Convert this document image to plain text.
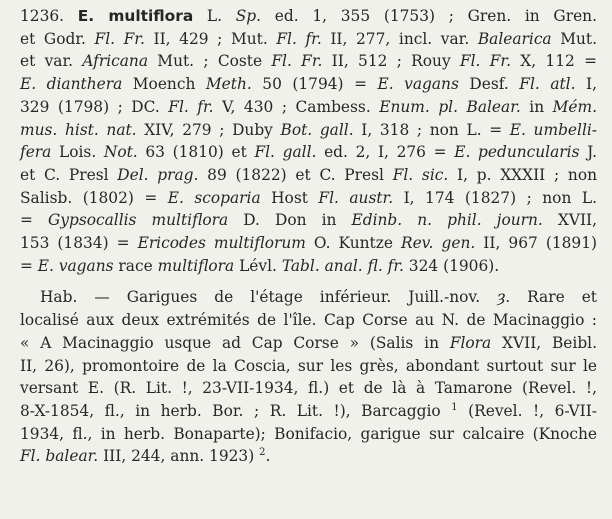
1236. E. multiflora L. Sp. ed. 1, 355 (1753) ; Gren. in Gren.
et Godr. Fl. Fr. II, 429 ; Mut. Fl. fr. II, 277, incl. var. Balearica Mut.
et var. Africana Mut. ; Coste Fl. Fr. II, 512 ; Rouy Fl. Fr. X, 112 =
E. dianthera Moench Meth. 50 (1794) = E. vagans Desf. Fl. atl. I,
329 (1798) ; DC. Fl. fr. V, 430 ; Cambess. Enum. pl. Balear. in Mém.
mus. hist. nat. XIV, 279 ; Duby Bot. gall. I, 318 ; non L. = E. umbelli-
fera Lois. Not. 63 (1810) et Fl. gall. ed. 2, I, 276 = E. peduncularis J.
et C. Presl Del. prag. 89 (1822) et C. Presl Fl. sic. I, p. XXXII ; non
Salisb. (1802) = E. scoparia Host Fl. austr. I, 174 (1827) ; non L.
= Gypsocallis multiflora D. Don in Edinb. n. phil. journ. XVII,
153 (1834) = Ericodes multiflorum O. Kuntze Rev. gen. II, 967 (1891)
= E. vagans race multiflora Lévl. Tabl. anal. fl. fr. 324 (1906).

Hab. — Garigues de l'étage inférieur. Juill.-nov. ȝ. Rare et
localisé aux deux extrémités de l'île. Cap Corse au N. de Macinaggio :
« A Macinaggio usque ad Cap Corse » (Salis in Flora XVII, Beibl.
II, 26), promontoire de la Coscia, sur les grès, abondant surtout sur le
versant E. (R. Lit. !, 23-VII-1934, fl.) et de là à Tamarone (Revel. !,
8-X-1854, fl., in herb. Bor. ; R. Lit. !), Barcaggio $^1$ (Revel. !, 6-VII-
1934, fl., in herb. Bonaparte); Bonifacio, garigue sur calcaire (Knoche
Fl. balear. III, 244, ann. 1923) $^2$.
